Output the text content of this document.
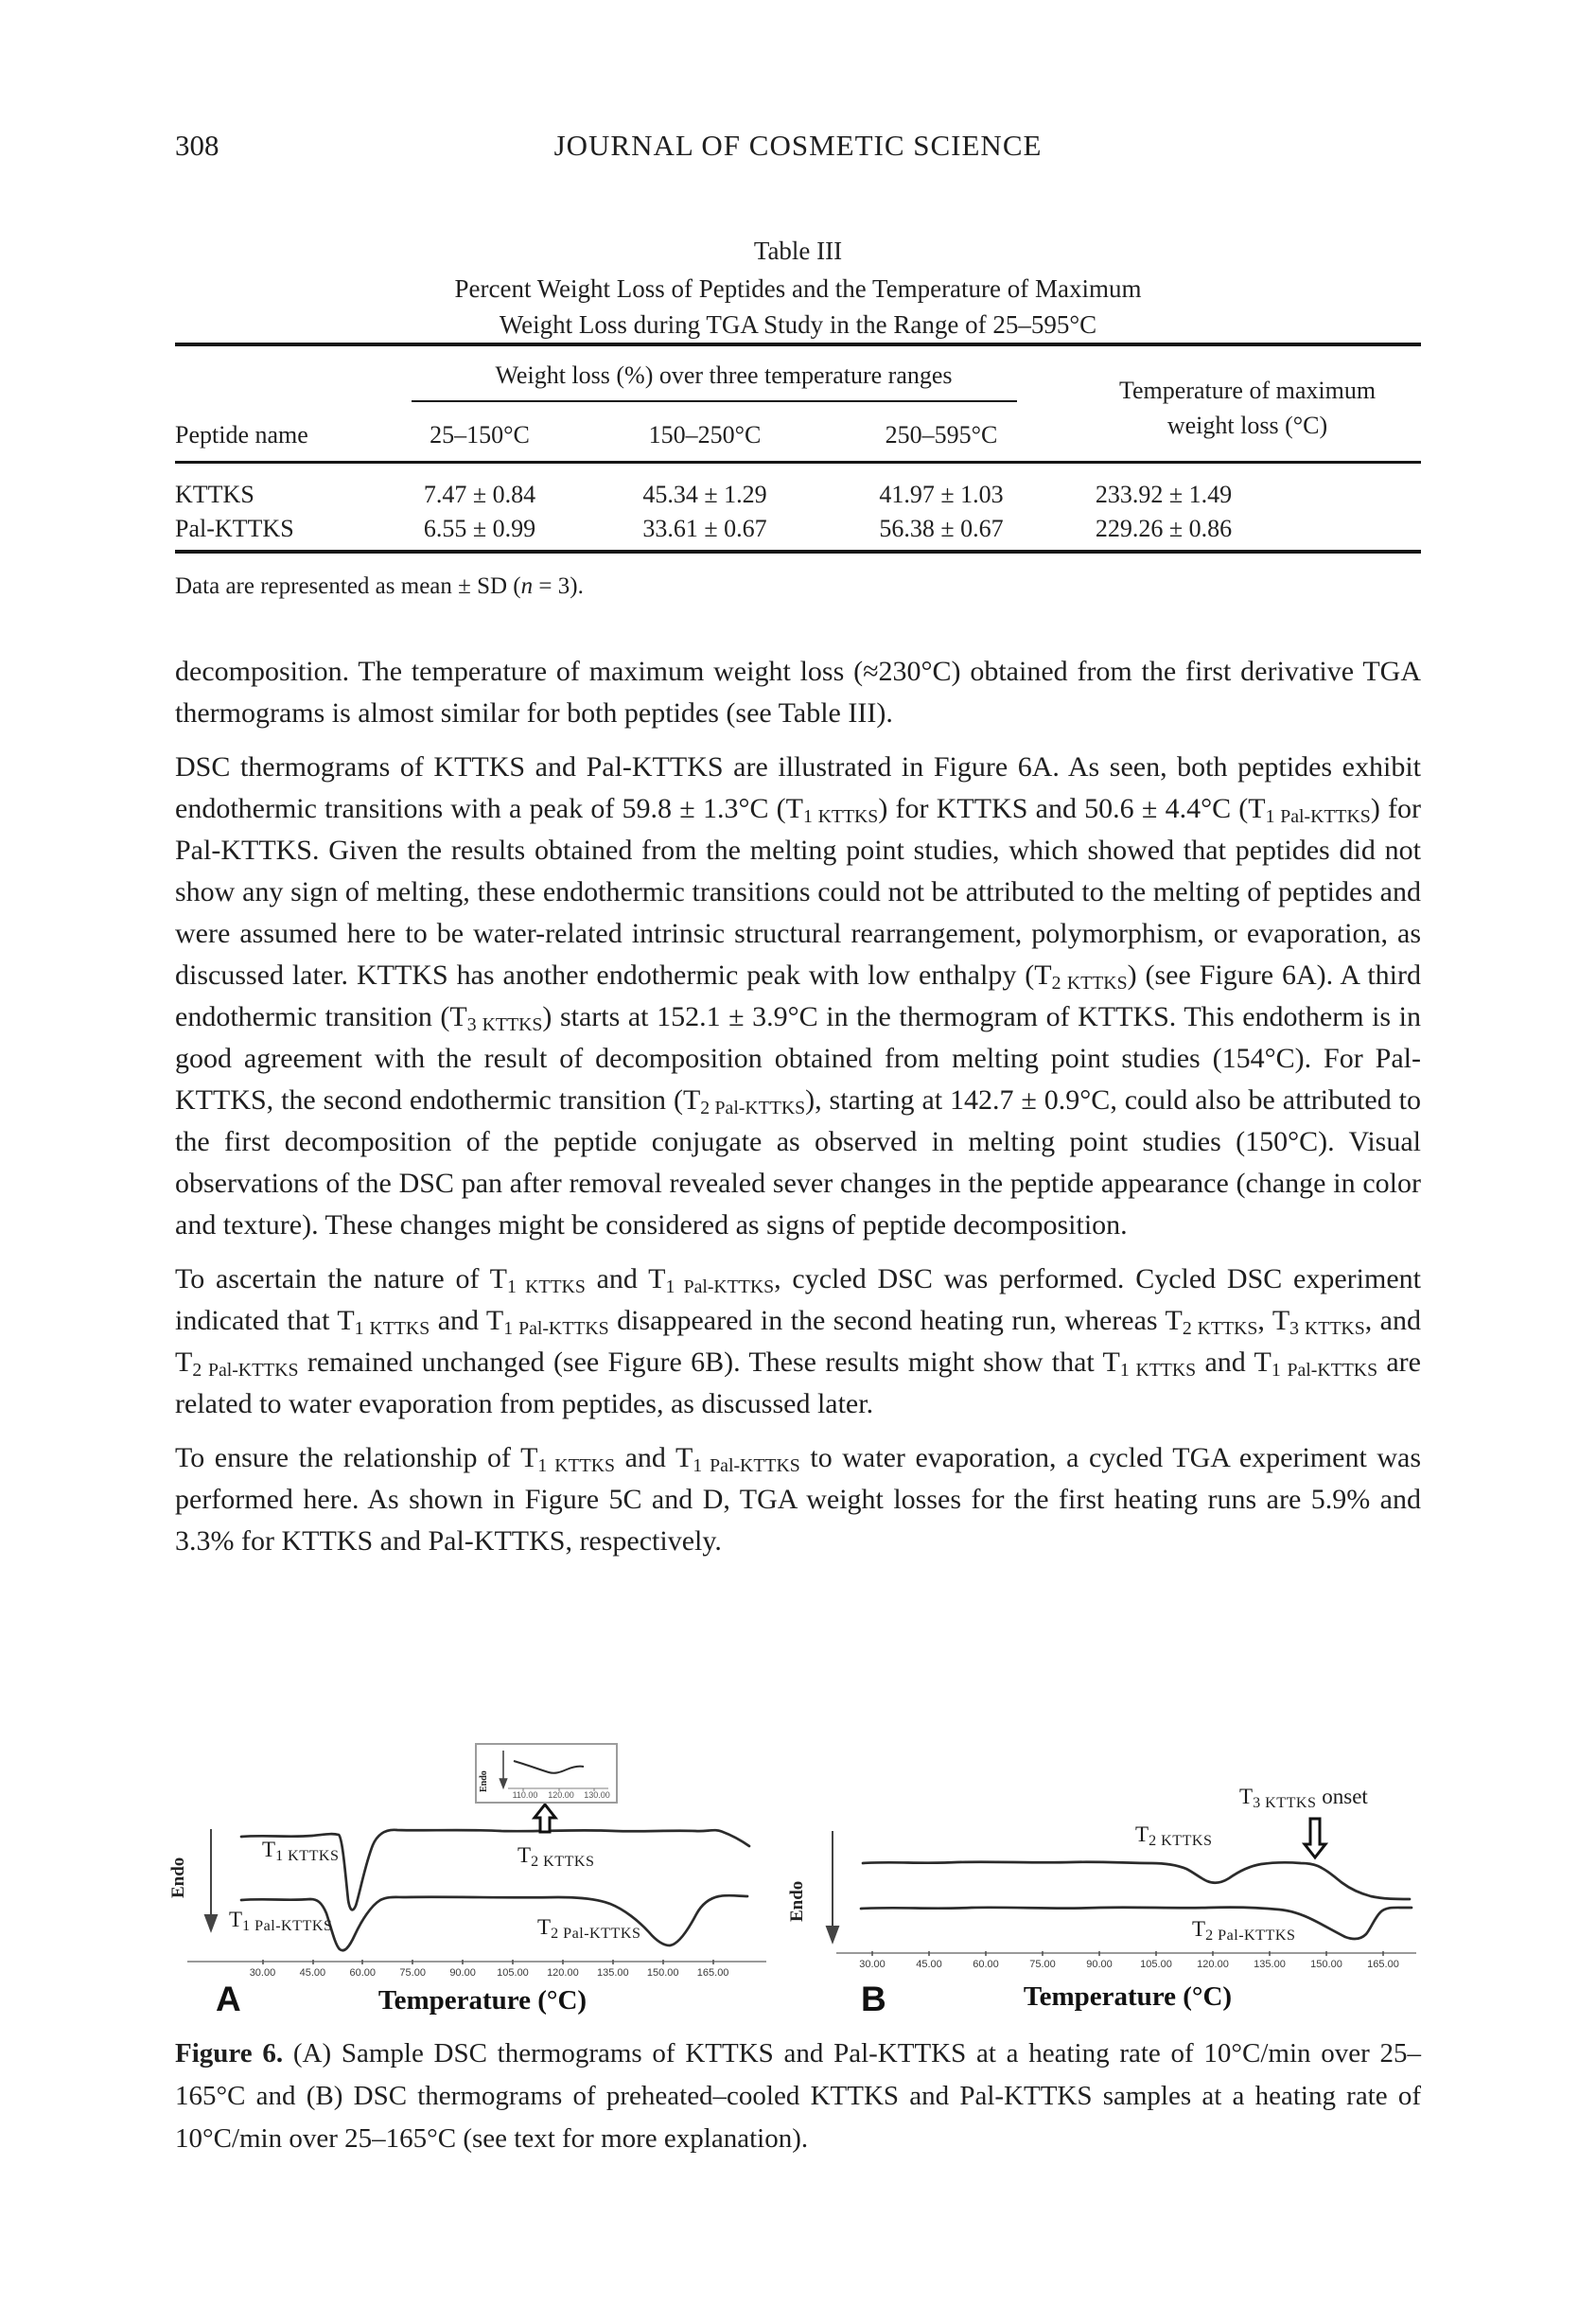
308	JOURNAL OF COSMETIC SCIENCE
Table III
Percent Weight Loss of Peptides and the Temperature of Maximum
Weight Loss during TGA Study in the Range of 25–595°C
Weight loss (%) over three temperature ranges
Temperature of maximum
weight loss (°C)
Peptide name	25–150°C	150–250°C	250–595°C
KTTKS	7.47 ± 0.84	45.34 ± 1.29	41.97 ± 1.03	233.92 ± 1.49
Pal-KTTKS	6.55 ± 0.99	33.61 ± 0.67	56.38 ± 0.67	229.26 ± 0.86
Data are represented as mean ± SD (n = 3).

decomposition. The temperature of maximum weight loss (≈230°C) obtained from the first derivative TGA thermograms is almost similar for both peptides (see Table III).

DSC thermograms of KTTKS and Pal-KTTKS are illustrated in Figure 6A. As seen, both peptides exhibit endothermic transitions with a peak of 59.8 ± 1.3°C $(T_{1 KTTKS})$ for KTTKS and 50.6 ± 4.4°C $(T_{1 Pal-KTTKS})$ for Pal-KTTKS. Given the results obtained from the melting point studies, which showed that peptides did not show any sign of melting, these endothermic transitions could not be attributed to the melting of peptides and were assumed here to be water-related intrinsic structural rearrangement, polymorphism, or evaporation, as discussed later. KTTKS has another endothermic peak with low enthalpy $(T_{2 KTTKS})$ (see Figure 6A). A third endothermic transition $(T_{3 KTTKS})$ starts at 152.1 ± 3.9°C in the thermogram of KTTKS. This endotherm is in good agreement with the result of decomposition obtained from melting point studies (154°C). For Pal-KTTKS, the second endothermic transition $(T_{2 Pal-KTTKS})$, starting at 142.7 ± 0.9°C, could also be attributed to the first decomposition of the peptide conjugate as observed in melting point studies (150°C). Visual observations of the DSC pan after removal revealed sever changes in the peptide appearance (change in color and texture). These changes might be considered as signs of peptide decomposition.

To ascertain the nature of $T_{1 KTTKS}$ and $T_{1 Pal-KTTKS}$, cycled DSC was performed. Cycled DSC experiment indicated that $T_{1 KTTKS}$ and $T_{1 Pal-KTTKS}$ disappeared in the second heating run, whereas $T_{2 KTTKS}$, $T_{3 KTTKS}$, and $T_{2 Pal-KTTKS}$ remained unchanged (see Figure 6B). These results might show that $T_{1 KTTKS}$ and $T_{1 Pal-KTTKS}$ are related to water evaporation from peptides, as discussed later.

To ensure the relationship of $T_{1 KTTKS}$ and $T_{1 Pal-KTTKS}$ to water evaporation, a cycled TGA experiment was performed here. As shown in Figure 5C and D, TGA weight losses for the first heating runs are 5.9% and 3.3% for KTTKS and Pal-KTTKS, respectively.

Endo
110.00	120.00	130.00
Endo
$T_{1 KTTKS}$	$T_{2 KTTKS}$
$T_{1 Pal-KTTKS}$	$T_{2 Pal-KTTKS}$
30.00	45.00	60.00	75.00	90.00	105.00	120.00	135.00	150.00	165.00
Temperature (°C)
A
Endo
$T_{2 KTTKS}$
$T_{3 KTTKS}$ onset
$T_{2 Pal-KTTKS}$
30.00	45.00	60.00	75.00	90.00	105.00	120.00	135.00	150.00	165.00
Temperature (°C)
B
Figure 6. (A) Sample DSC thermograms of KTTKS and Pal-KTTKS at a heating rate of 10°C/min over 25–165°C and (B) DSC thermograms of preheated–cooled KTTKS and Pal-KTTKS samples at a heating rate of 10°C/min over 25–165°C (see text for more explanation).
